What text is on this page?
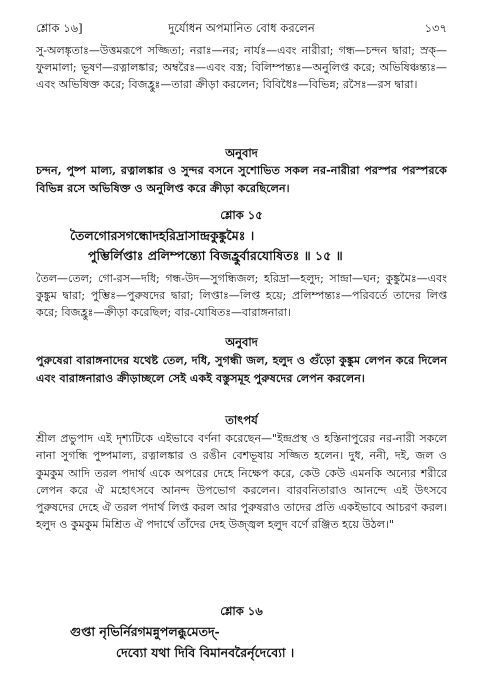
শ্লোক ১৬]	দুর্যোধন অপমানিত বোধ করলেন	১৩৭

সু-অলঙ্কৃতাঃ—উত্তমরূপে সজ্জিতা; নরাঃ—নর; নার্যঃ—এবং নারীরা; গন্ধ—চন্দন দ্বারা; স্রক্—ফুলমালা; ভূষণ—রত্নালঙ্কার; অম্বরৈঃ—এবং বস্ত্র; বিলিম্পন্ত্যঃ—অনুলিপ্ত করে; অভিষিঞ্চন্ত্যঃ—এবং অভিষিক্ত করে; বিজহ্রুঃ—তারা ক্রীড়া করলেন; বিবিধৈঃ—বিভিন্ন; রসৈঃ—রস দ্বারা।

অনুবাদ

চন্দন, পুষ্প মাল্য, রত্নালঙ্কার ও সুন্দর বসনে সুশোভিত সকল নর-নারীরা পরস্পর পরস্পরকে বিভিন্ন রসে অভিষিক্ত ও অনুলিপ্ত করে ক্রীড়া করেছিলেন।

শ্লোক ১৫
তৈলগোরসগন্ধোদহরিদ্রাসান্দ্রকুঙ্কুমৈঃ ।
পুম্ভির্লিপ্তাঃ প্রলিম্পন্ত্যো বিজহ্রুর্বারযোষিতঃ ॥ ১৫ ॥

তৈল—তেল; গো-রস—দধি; গন্ধ-উদ—সুগন্ধিজল; হরিদ্রা—হলুদ; সান্দ্রা—ঘন; কুঙ্কুমৈঃ—এবং কুঙ্কুম দ্বারা; পুম্ভিঃ—পুরুষদের দ্বারা; লিপ্তাঃ—লিপ্ত হয়ে; প্রলিম্পন্ত্যঃ—পরিবর্তে তাদের লিপ্ত করে; বিজহ্রুঃ—ক্রীড়া করেছিল; বার-যোষিতঃ—বারাঙ্গনারা।

অনুবাদ

পুরুষেরা বারাঙ্গনাদের যথেষ্ট তেল, দধি, সুগন্ধী জল, হলুদ ও গুঁড়ো কুঙ্কুম লেপন করে দিলেন এবং বারাঙ্গনারাও ক্রীড়াচ্ছলে সেই একই বস্তুসমূহ পুরুষদের লেপন করলেন।

তাৎপর্য

শ্রীল প্রভুপাদ এই দৃশ্যটিকে এইভাবে বর্ণনা করেছেন—"ইন্দ্রপ্রস্থ ও হস্তিনাপুরের নর-নারী সকলে নানা সুগন্ধি পুষ্পমাল্য, রত্নালঙ্কার ও রঙীন বেশভূষায় সজ্জিত হলেন। দুধ, ননী, দই, জল ও কুমকুম আদি তরল পদার্থ একে অপরের দেহে নিক্ষেপ করে, কেউ কেউ এমনকি অন্যের শরীরে লেপন করে ঐ মহোৎসবে আনন্দ উপভোগ করলেন। বারবনিতারাও আনন্দে এই উৎসবে পুরুষদের দেহে ঐ তরল পদার্থ লিপ্ত করল আর পুরুষরাও তাদের প্রতি একইভাবে আচরণ করল। হলুদ ও কুমকুম মিশ্রিত ঐ পদার্থে তাঁদের দেহ উজ্জ্বল হলুদ বর্ণে রঞ্জিত হয়ে উঠল।"

শ্লোক ১৬
গুপ্তা নৃভির্নিরগমন্নুপলব্ধুমেতদ্-
দেব্যো যথা দিবি বিমানবরৈর্নৃদেব্যো ।
